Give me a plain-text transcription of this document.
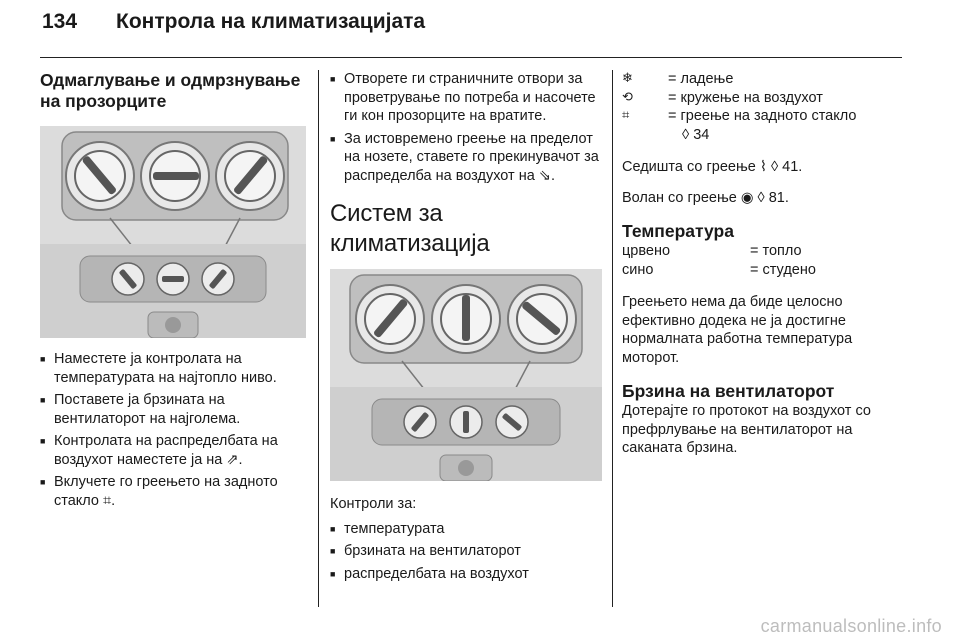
134	Контрола на климатизацијата
Одмаглување и одмрзнување на прозорците
■ Наместете ја контролата на температурата на најтопло ниво.
■ Поставете ја брзината на вентилаторот на најголема.
■ Контролата на распределбата на воздухот наместете ја на ⇗.
■ Вклучете го греењето на задното стакло ⌗.
■ Отворете ги страничните отвори за проветрување по потреба и насочете ги кон прозорците на вратите.
■ За истовремено греење на пределот на нозете, ставете го прекинувачот за распределба на воздухот на ⇘.
Систем за климатизација

Контроли за:

■ температурата
■ брзината на вентилаторот
■ распределбата на воздухот
❄ = ладење
⟲ = кружење на воздухот
⌗	= греење на задното стакло
◊ 34

Седишта со греење ⌇ ◊ 41.

Волан со греење ◉ ◊ 81.

Температура
црвено	= топло
сино	= студено

Греењето нема да биде целосно ефективно додека не ја достигне нормалната работна температура моторот.

Брзина на вентилаторот

Дотерајте го протокот на воздухот со префрлување на вентилаторот на саканата брзина.

carmanualsonline.info
